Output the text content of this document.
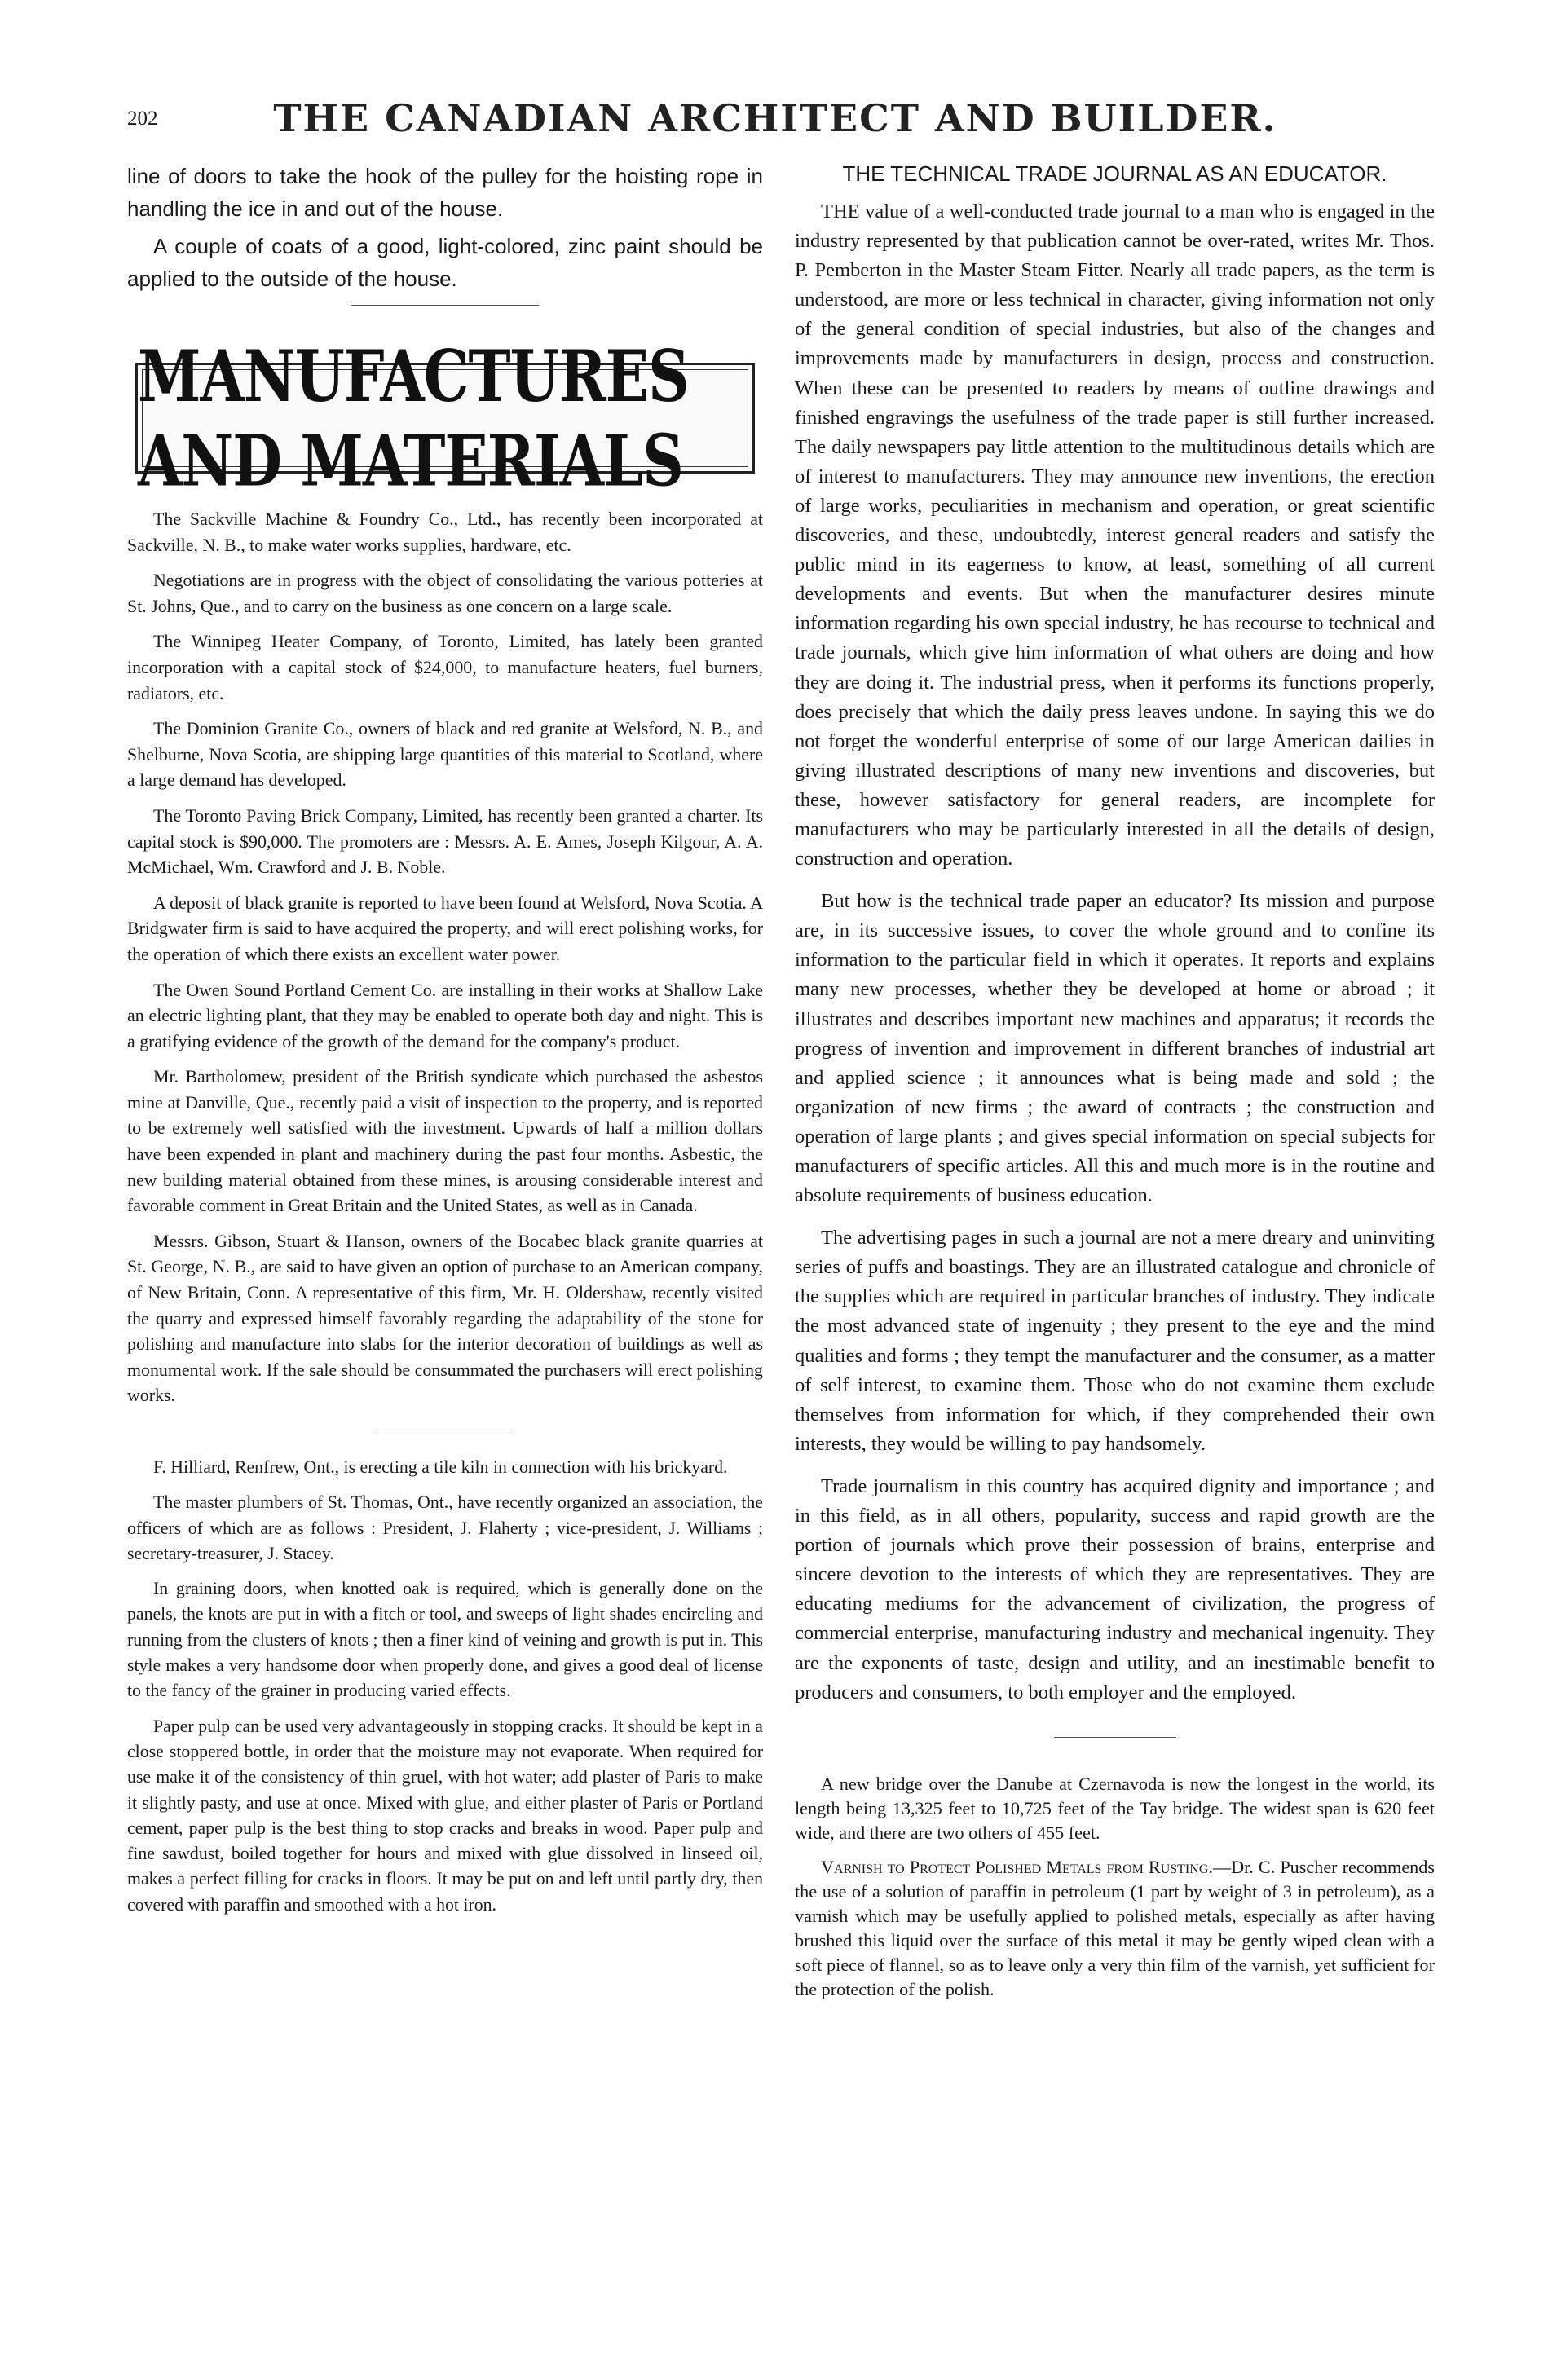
202	THE CANADIAN ARCHITECT AND BUILDER.

line of doors to take the hook of the pulley for the hoisting rope in handling the ice in and out of the house.

A couple of coats of a good, light-colored, zinc paint should be applied to the outside of the house.

MANUFACTURES AND MATERIALS

The Sackville Machine & Foundry Co., Ltd., has recently been incorporated at Sackville, N. B., to make water works supplies, hardware, etc.

Negotiations are in progress with the object of consolidating the various potteries at St. Johns, Que., and to carry on the business as one concern on a large scale.

The Winnipeg Heater Company, of Toronto, Limited, has lately been granted incorporation with a capital stock of $24,000, to manufacture heaters, fuel burners, radiators, etc.

The Dominion Granite Co., owners of black and red granite at Welsford, N. B., and Shelburne, Nova Scotia, are shipping large quantities of this material to Scotland, where a large demand has developed.

The Toronto Paving Brick Company, Limited, has recently been granted a charter. Its capital stock is $90,000. The promoters are : Messrs. A. E. Ames, Joseph Kilgour, A. A. McMichael, Wm. Crawford and J. B. Noble.

A deposit of black granite is reported to have been found at Welsford, Nova Scotia. A Bridgwater firm is said to have acquired the property, and will erect polishing works, for the operation of which there exists an excellent water power.

The Owen Sound Portland Cement Co. are installing in their works at Shallow Lake an electric lighting plant, that they may be enabled to operate both day and night. This is a gratifying evidence of the growth of the demand for the company's product.

Mr. Bartholomew, president of the British syndicate which purchased the asbestos mine at Danville, Que., recently paid a visit of inspection to the property, and is reported to be extremely well satisfied with the investment. Upwards of half a million dollars have been expended in plant and machinery during the past four months. Asbestic, the new building material obtained from these mines, is arousing considerable interest and favorable comment in Great Britain and the United States, as well as in Canada.

Messrs. Gibson, Stuart & Hanson, owners of the Bocabec black granite quarries at St. George, N. B., are said to have given an option of purchase to an American company, of New Britain, Conn. A representative of this firm, Mr. H. Oldershaw, recently visited the quarry and expressed himself favorably regarding the adaptability of the stone for polishing and manufacture into slabs for the interior decoration of buildings as well as monumental work. If the sale should be consummated the purchasers will erect polishing works.

F. Hilliard, Renfrew, Ont., is erecting a tile kiln in connection with his brickyard.

The master plumbers of St. Thomas, Ont., have recently organized an association, the officers of which are as follows : President, J. Flaherty ; vice-president, J. Williams ; secretary-treasurer, J. Stacey.

In graining doors, when knotted oak is required, which is generally done on the panels, the knots are put in with a fitch or tool, and sweeps of light shades encircling and running from the clusters of knots ; then a finer kind of veining and growth is put in. This style makes a very handsome door when properly done, and gives a good deal of license to the fancy of the grainer in producing varied effects.

Paper pulp can be used very advantageously in stopping cracks. It should be kept in a close stoppered bottle, in order that the moisture may not evaporate. When required for use make it of the consistency of thin gruel, with hot water; add plaster of Paris to make it slightly pasty, and use at once. Mixed with glue, and either plaster of Paris or Portland cement, paper pulp is the best thing to stop cracks and breaks in wood. Paper pulp and fine sawdust, boiled together for hours and mixed with glue dissolved in linseed oil, makes a perfect filling for cracks in floors. It may be put on and left until partly dry, then covered with paraffin and smoothed with a hot iron.

THE TECHNICAL TRADE JOURNAL AS AN EDUCATOR.

THE value of a well-conducted trade journal to a man who is engaged in the industry represented by that publication cannot be over-rated, writes Mr. Thos. P. Pemberton in the Master Steam Fitter. Nearly all trade papers, as the term is understood, are more or less technical in character, giving information not only of the general condition of special industries, but also of the changes and improvements made by manufacturers in design, process and construction. When these can be presented to readers by means of outline drawings and finished engravings the usefulness of the trade paper is still further increased. The daily newspapers pay little attention to the multitudinous details which are of interest to manufacturers. They may announce new inventions, the erection of large works, peculiarities in mechanism and operation, or great scientific discoveries, and these, undoubtedly, interest general readers and satisfy the public mind in its eagerness to know, at least, something of all current developments and events. But when the manufacturer desires minute information regarding his own special industry, he has recourse to technical and trade journals, which give him information of what others are doing and how they are doing it. The industrial press, when it performs its functions properly, does precisely that which the daily press leaves undone. In saying this we do not forget the wonderful enterprise of some of our large American dailies in giving illustrated descriptions of many new inventions and discoveries, but these, however satisfactory for general readers, are incomplete for manufacturers who may be particularly interested in all the details of design, construction and operation.

But how is the technical trade paper an educator? Its mission and purpose are, in its successive issues, to cover the whole ground and to confine its information to the particular field in which it operates. It reports and explains many new processes, whether they be developed at home or abroad ; it illustrates and describes important new machines and apparatus; it records the progress of invention and improvement in different branches of industrial art and applied science ; it announces what is being made and sold ; the organization of new firms ; the award of contracts ; the construction and operation of large plants ; and gives special information on special subjects for manufacturers of specific articles. All this and much more is in the routine and absolute requirements of business education.

The advertising pages in such a journal are not a mere dreary and uninviting series of puffs and boastings. They are an illustrated catalogue and chronicle of the supplies which are required in particular branches of industry. They indicate the most advanced state of ingenuity ; they present to the eye and the mind qualities and forms ; they tempt the manufacturer and the consumer, as a matter of self interest, to examine them. Those who do not examine them exclude themselves from information for which, if they comprehended their own interests, they would be willing to pay handsomely.

Trade journalism in this country has acquired dignity and importance ; and in this field, as in all others, popularity, success and rapid growth are the portion of journals which prove their possession of brains, enterprise and sincere devotion to the interests of which they are representatives. They are educating mediums for the advancement of civilization, the progress of commercial enterprise, manufacturing industry and mechanical ingenuity. They are the exponents of taste, design and utility, and an inestimable benefit to producers and consumers, to both employer and the employed.

A new bridge over the Danube at Czernavoda is now the longest in the world, its length being 13,325 feet to 10,725 feet of the Tay bridge. The widest span is 620 feet wide, and there are two others of 455 feet.

Varnish to Protect Polished Metals from Rusting.—Dr. C. Puscher recommends the use of a solution of paraffin in petroleum (1 part by weight of 3 in petroleum), as a varnish which may be usefully applied to polished metals, especially as after having brushed this liquid over the surface of this metal it may be gently wiped clean with a soft piece of flannel, so as to leave only a very thin film of the varnish, yet sufficient for the protection of the polish.
